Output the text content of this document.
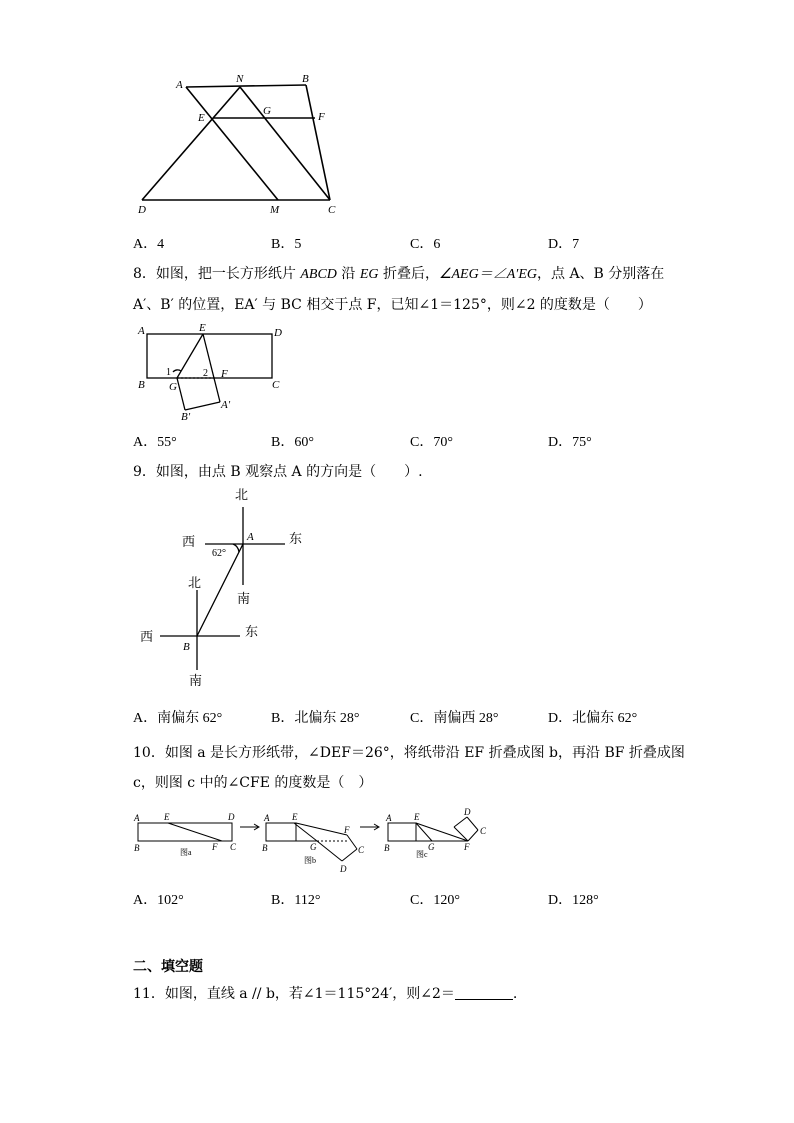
A	N	B
E
G	F
D	M	C
A．4	B．5	C．6	D．7
8．如图，把一长方形纸片 ABCD 沿 EG 折叠后，∠AEG＝∠A′EG，点 A、B 分别落在
A′、B′ 的位置，EA′ 与 BC 相交于点 F，已知∠1＝125°，则∠2 的度数是（　　）
A	E	D
B G
F
C
B′
A′
1	2
A．55°	B．60°	C．70°	D．75°
9．如图，由点 B 观察点 A 的方向是（　　）.
北
西	A	东
62°
南
北
西	东
B
南
A．南偏东 62°	B．北偏东 28°	C．南偏西 28°	D．北偏东 62°
10．如图 a 是长方形纸带，∠DEF＝26°，将纸带沿 EF 折叠成图 b，再沿 BF 折叠成图
c，则图 c 中的∠CFE 的度数是（　）
A	E	D
B	F C
A	E
F
B	G	C
D
A	E	D
C
B	G	F
图a
图b
图c
A．102°	B．112°	C．120°	D．128°
二、填空题
11．如图，直线 a // b，若∠1＝115°24′，则∠2＝	.
